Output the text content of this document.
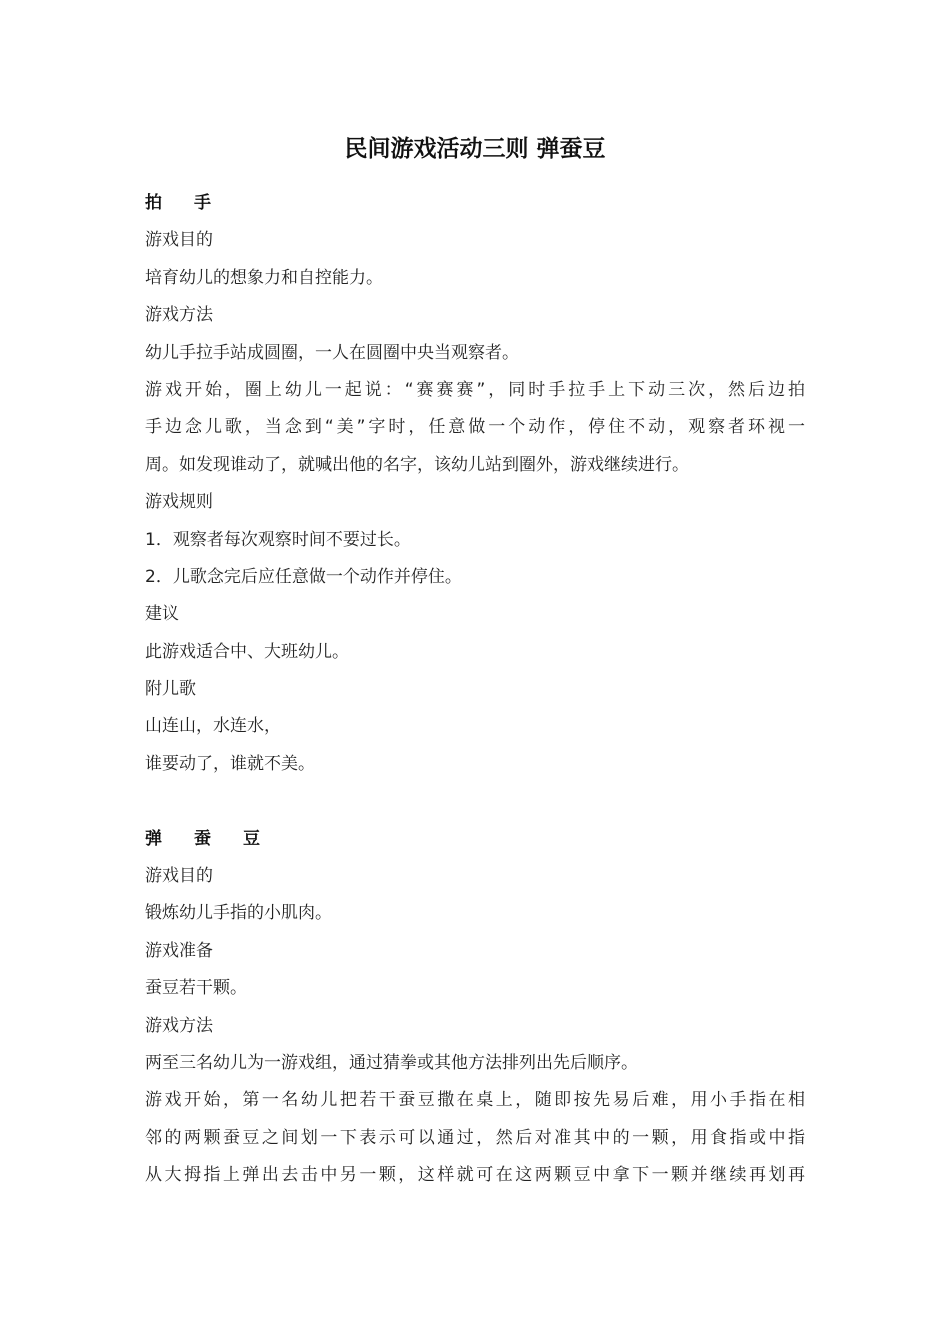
民间游戏活动三则 弹蚕豆
拍 手
游戏目的
培育幼儿的想象力和自控能力。
游戏方法
幼儿手拉手站成圆圈，一人在圆圈中央当观察者。
游戏开始，圈上幼儿一起说：“赛赛赛”，同时手拉手上下动三次，然后边拍
手边念儿歌，当念到“美”字时，任意做一个动作，停住不动，观察者环视一
周。如发现谁动了，就喊出他的名字，该幼儿站到圈外，游戏继续进行。
游戏规则
1．观察者每次观察时间不要过长。
2．儿歌念完后应任意做一个动作并停住。
建议
此游戏适合中、大班幼儿。
附儿歌
山连山，水连水，
谁要动了，谁就不美。
弹 蚕 豆
游戏目的
锻炼幼儿手指的小肌肉。
游戏准备
蚕豆若干颗。
游戏方法
两至三名幼儿为一游戏组，通过猜拳或其他方法排列出先后顺序。
游戏开始，第一名幼儿把若干蚕豆撒在桌上，随即按先易后难，用小手指在相
邻的两颗蚕豆之间划一下表示可以通过，然后对准其中的一颗，用食指或中指
从大拇指上弹出去击中另一颗，这样就可在这两颗豆中拿下一颗并继续再划再
